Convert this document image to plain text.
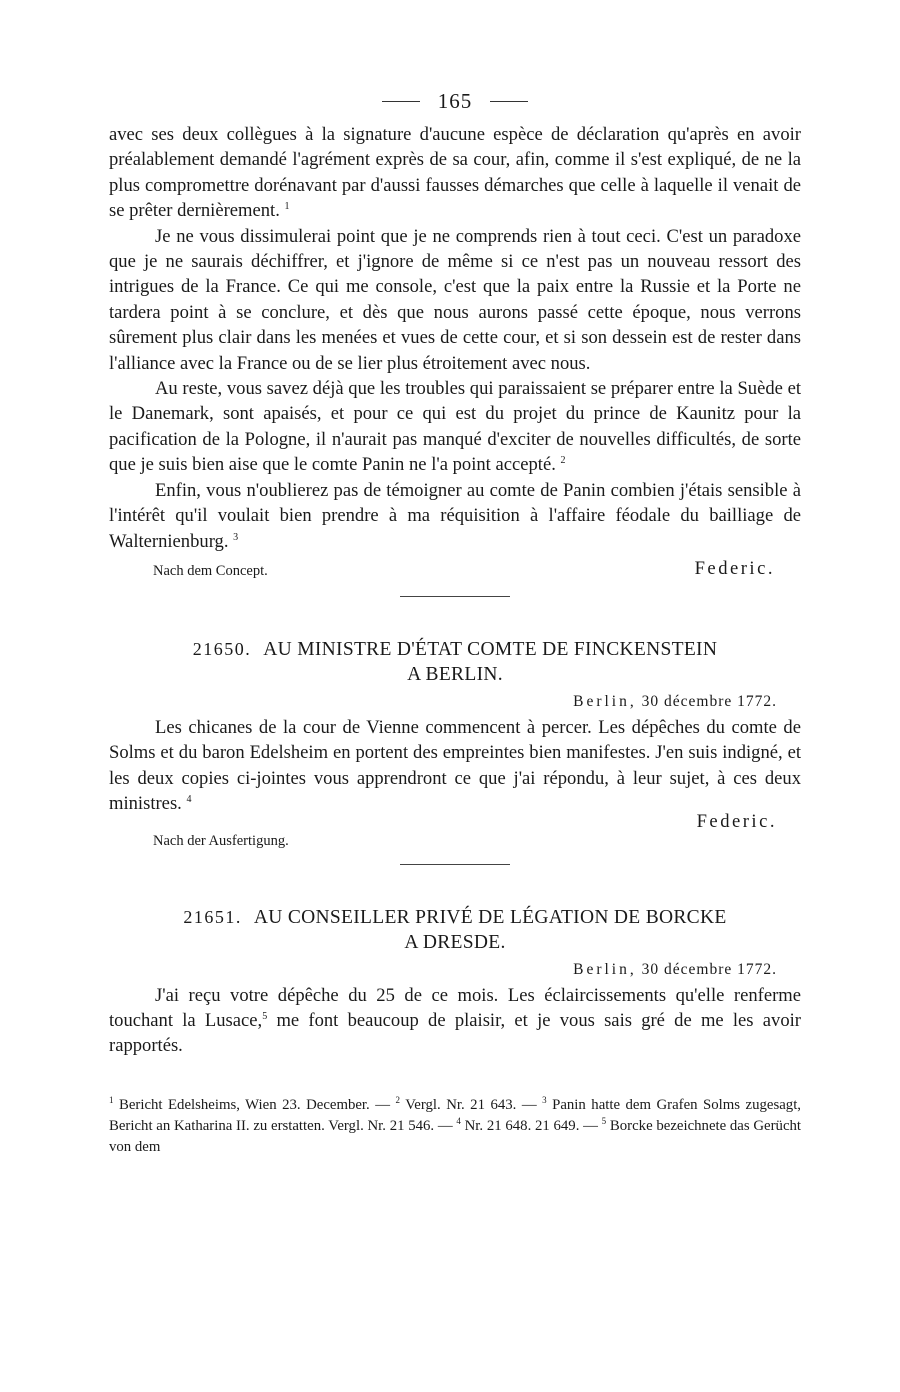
165

avec ses deux collègues à la signature d'aucune espèce de déclaration qu'après en avoir préalablement demandé l'agrément exprès de sa cour, afin, comme il s'est expliqué, de ne la plus compromettre dorénavant par d'aussi fausses démarches que celle à laquelle il venait de se prêter dernièrement. $^1$

Je ne vous dissimulerai point que je ne comprends rien à tout ceci. C'est un paradoxe que je ne saurais déchiffrer, et j'ignore de même si ce n'est pas un nouveau ressort des intrigues de la France. Ce qui me console, c'est que la paix entre la Russie et la Porte ne tardera point à se conclure, et dès que nous aurons passé cette époque, nous verrons sûrement plus clair dans les menées et vues de cette cour, et si son dessein est de rester dans l'alliance avec la France ou de se lier plus étroitement avec nous.

Au reste, vous savez déjà que les troubles qui paraissaient se préparer entre la Suède et le Danemark, sont apaisés, et pour ce qui est du projet du prince de Kaunitz pour la pacification de la Pologne, il n'aurait pas manqué d'exciter de nouvelles difficultés, de sorte que je suis bien aise que le comte Panin ne l'a point accepté. $^2$

Enfin, vous n'oublierez pas de témoigner au comte de Panin combien j'étais sensible à l'intérêt qu'il voulait bien prendre à ma réquisition à l'affaire féodale du bailliage de Walternienburg. $^3$

Nach dem Concept.	Federic.
21650. AU MINISTRE D'ÉTAT COMTE DE FINCKENSTEIN
A BERLIN.
Berlin, 30 décembre 1772.

Les chicanes de la cour de Vienne commencent à percer. Les dépêches du comte de Solms et du baron Edelsheim en portent des empreintes bien manifestes. J'en suis indigné, et les deux copies ci-jointes vous apprendront ce que j'ai répondu, à leur sujet, à ces deux ministres. $^4$

Federic.
Nach der Ausfertigung.
21651. AU CONSEILLER PRIVÉ DE LÉGATION DE BORCKE
A DRESDE.
Berlin, 30 décembre 1772.

J'ai reçu votre dépêche du 25 de ce mois. Les éclaircissements qu'elle renferme touchant la Lusace,$^5$ me font beaucoup de plaisir, et je vous sais gré de me les avoir rapportés.

$^1$ Bericht Edelsheims, Wien 23. December. — $^2$ Vergl. Nr. 21 643. — $^3$ Panin hatte dem Grafen Solms zugesagt, Bericht an Katharina II. zu erstatten. Vergl. Nr. 21 546. — $^4$ Nr. 21 648. 21 649. — $^5$ Borcke bezeichnete das Gerücht von dem
